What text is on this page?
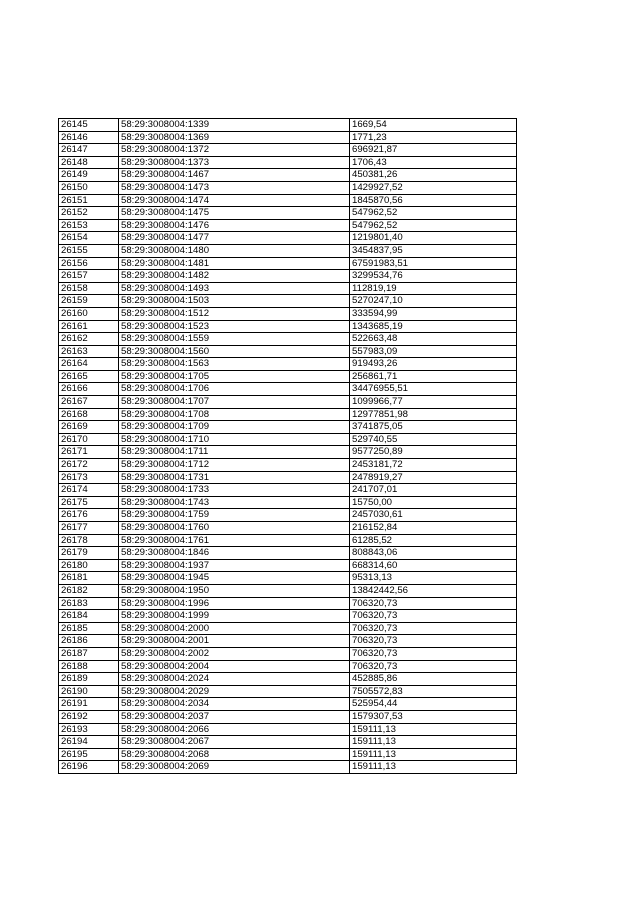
26145	58:29:3008004:1339	1669,54
26146	58:29:3008004:1369	1771,23
26147	58:29:3008004:1372	696921,87
26148	58:29:3008004:1373	1706,43
26149	58:29:3008004:1467	450381,26
26150	58:29:3008004:1473	1429927,52
26151	58:29:3008004:1474	1845870,56
26152	58:29:3008004:1475	547962,52
26153	58:29:3008004:1476	547962,52
26154	58:29:3008004:1477	1219801,40
26155	58:29:3008004:1480	3454837,95
26156	58:29:3008004:1481	67591983,51
26157	58:29:3008004:1482	3299534,76
26158	58:29:3008004:1493	112819,19
26159	58:29:3008004:1503	5270247,10
26160	58:29:3008004:1512	333594,99
26161	58:29:3008004:1523	1343685,19
26162	58:29:3008004:1559	522663,48
26163	58:29:3008004:1560	557983,09
26164	58:29:3008004:1563	919493,26
26165	58:29:3008004:1705	256861,71
26166	58:29:3008004:1706	34476955,51
26167	58:29:3008004:1707	1099966,77
26168	58:29:3008004:1708	12977851,98
26169	58:29:3008004:1709	3741875,05
26170	58:29:3008004:1710	529740,55
26171	58:29:3008004:1711	9577250,89
26172	58:29:3008004:1712	2453181,72
26173	58:29:3008004:1731	2478919,27
26174	58:29:3008004:1733	241707,01
26175	58:29:3008004:1743	15750,00
26176	58:29:3008004:1759	2457030,61
26177	58:29:3008004:1760	216152,84
26178	58:29:3008004:1761	61285,52
26179	58:29:3008004:1846	808843,06
26180	58:29:3008004:1937	668314,60
26181	58:29:3008004:1945	95313,13
26182	58:29:3008004:1950	13842442,56
26183	58:29:3008004:1996	706320,73
26184	58:29:3008004:1999	706320,73
26185	58:29:3008004:2000	706320,73
26186	58:29:3008004:2001	706320,73
26187	58:29:3008004:2002	706320,73
26188	58:29:3008004:2004	706320,73
26189	58:29:3008004:2024	452885,86
26190	58:29:3008004:2029	7505572,83
26191	58:29:3008004:2034	525954,44
26192	58:29:3008004:2037	1579307,53
26193	58:29:3008004:2066	159111,13
26194	58:29:3008004:2067	159111,13
26195	58:29:3008004:2068	159111,13
26196	58:29:3008004:2069	159111,13
